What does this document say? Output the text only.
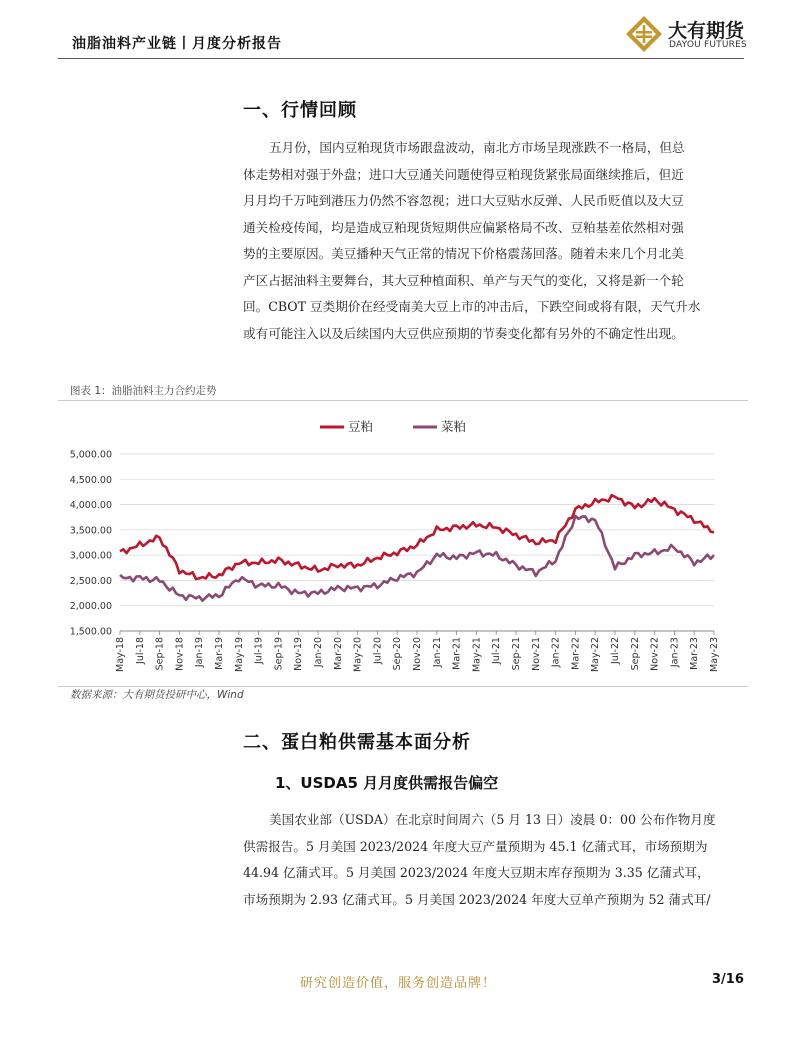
油脂油料产业链丨月度分析报告
大有期货
DAYOU FUTURES
一、行情回顾
五月份，国内豆粕现货市场跟盘波动，南北方市场呈现涨跌不一格局，但总
体走势相对强于外盘；进口大豆通关问题使得豆粕现货紧张局面继续推后，但近
月月均千万吨到港压力仍然不容忽视；进口大豆贴水反弹、人民币贬值以及大豆
通关检疫传闻，均是造成豆粕现货短期供应偏紧格局不改、豆粕基差依然相对强
势的主要原因。美豆播种天气正常的情况下价格震荡回落。随着未来几个月北美
产区占据油料主要舞台，其大豆种植面积、单产与天气的变化，又将是新一个轮
回。CBOT 豆类期价在经受南美大豆上市的冲击后，下跌空间或将有限，天气升水
或有可能注入以及后续国内大豆供应预期的节奏变化都有另外的不确定性出现。
图表 1：油脂油料主力合约走势
豆粕	菜粕
5,000.00
4,500.00
4,000.00
3,500.00
3,000.00
2,500.00
2,000.00
1,500.00
May-18 Jul-18 Sep-18 Nov-18 Jan-19 Mar-19 May-19 Jul-19 Sep-19 Nov-19 Jan-20 Mar-20 May-20 Jul-20 Sep-20 Nov-20 Jan-21 Mar-21 May-21 Jul-21 Sep-21 Nov-21 Jan-22 Mar-22 May-22 Jul-22 Sep-22 Nov-22 Jan-23 Mar-23 May-23
数据来源：大有期货投研中心，Wind
二、蛋白粕供需基本面分析
1、USDA5 月月度供需报告偏空
美国农业部（USDA）在北京时间周六（5 月 13 日）凌晨 0：00 公布作物月度
供需报告。5 月美国 2023/2024 年度大豆产量预期为 45.1 亿蒲式耳，市场预期为
44.94 亿蒲式耳。5 月美国 2023/2024 年度大豆期末库存预期为 3.35 亿蒲式耳，
市场预期为 2.93 亿蒲式耳。5 月美国 2023/2024 年度大豆单产预期为 52 蒲式耳/
研究创造价值，服务创造品牌！	3/16
